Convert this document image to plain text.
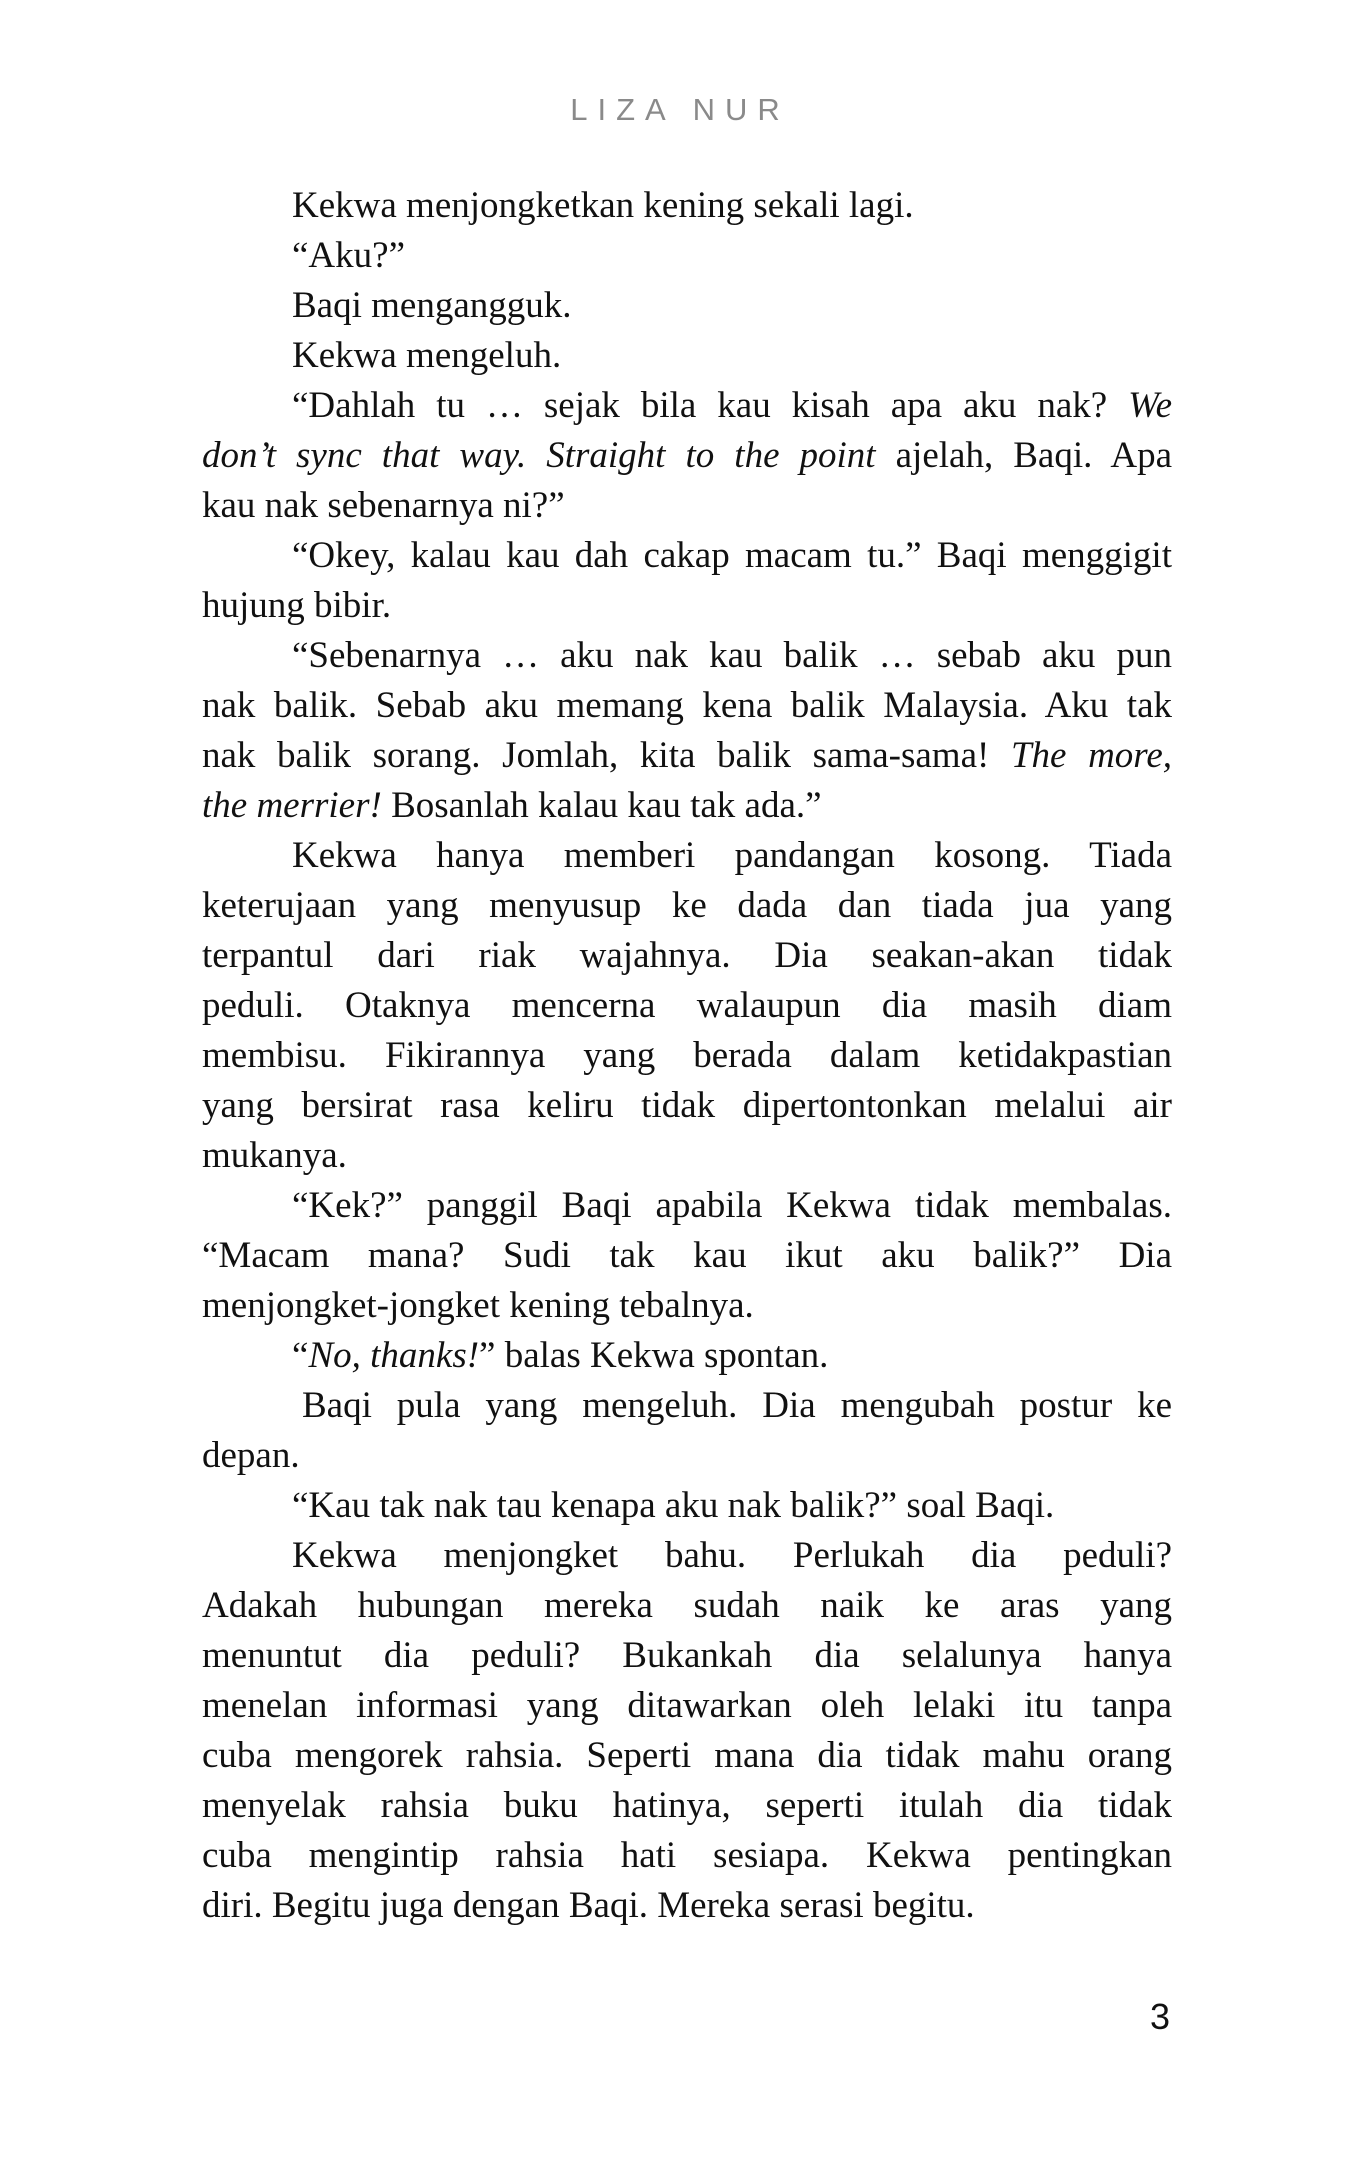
LIZA NUR
Kekwa menjongketkan kening sekali lagi.
“Aku?”
Baqi mengangguk.
Kekwa mengeluh.
“Dahlah tu … sejak bila kau kisah apa aku nak? We
don’t sync that way. Straight to the point ajelah, Baqi. Apa
kau nak sebenarnya ni?”
“Okey, kalau kau dah cakap macam tu.” Baqi menggigit
hujung bibir.
“Sebenarnya … aku nak kau balik … sebab aku pun
nak balik. Sebab aku memang kena balik Malaysia. Aku tak
nak balik sorang. Jomlah, kita balik sama-sama! The more,
the merrier! Bosanlah kalau kau tak ada.”
Kekwa hanya memberi pandangan kosong. Tiada
keterujaan yang menyusup ke dada dan tiada jua yang
terpantul dari riak wajahnya. Dia seakan-akan tidak
peduli. Otaknya mencerna walaupun dia masih diam
membisu. Fikirannya yang berada dalam ketidakpastian
yang bersirat rasa keliru tidak dipertontonkan melalui air
mukanya.
“Kek?” panggil Baqi apabila Kekwa tidak membalas.
“Macam mana? Sudi tak kau ikut aku balik?” Dia
menjongket-jongket kening tebalnya.
“No, thanks!” balas Kekwa spontan.
Baqi pula yang mengeluh. Dia mengubah postur ke
depan.
“Kau tak nak tau kenapa aku nak balik?” soal Baqi.
Kekwa menjongket bahu. Perlukah dia peduli?
Adakah hubungan mereka sudah naik ke aras yang
menuntut dia peduli? Bukankah dia selalunya hanya
menelan informasi yang ditawarkan oleh lelaki itu tanpa
cuba mengorek rahsia. Seperti mana dia tidak mahu orang
menyelak rahsia buku hatinya, seperti itulah dia tidak
cuba mengintip rahsia hati sesiapa. Kekwa pentingkan
diri. Begitu juga dengan Baqi. Mereka serasi begitu.
3
